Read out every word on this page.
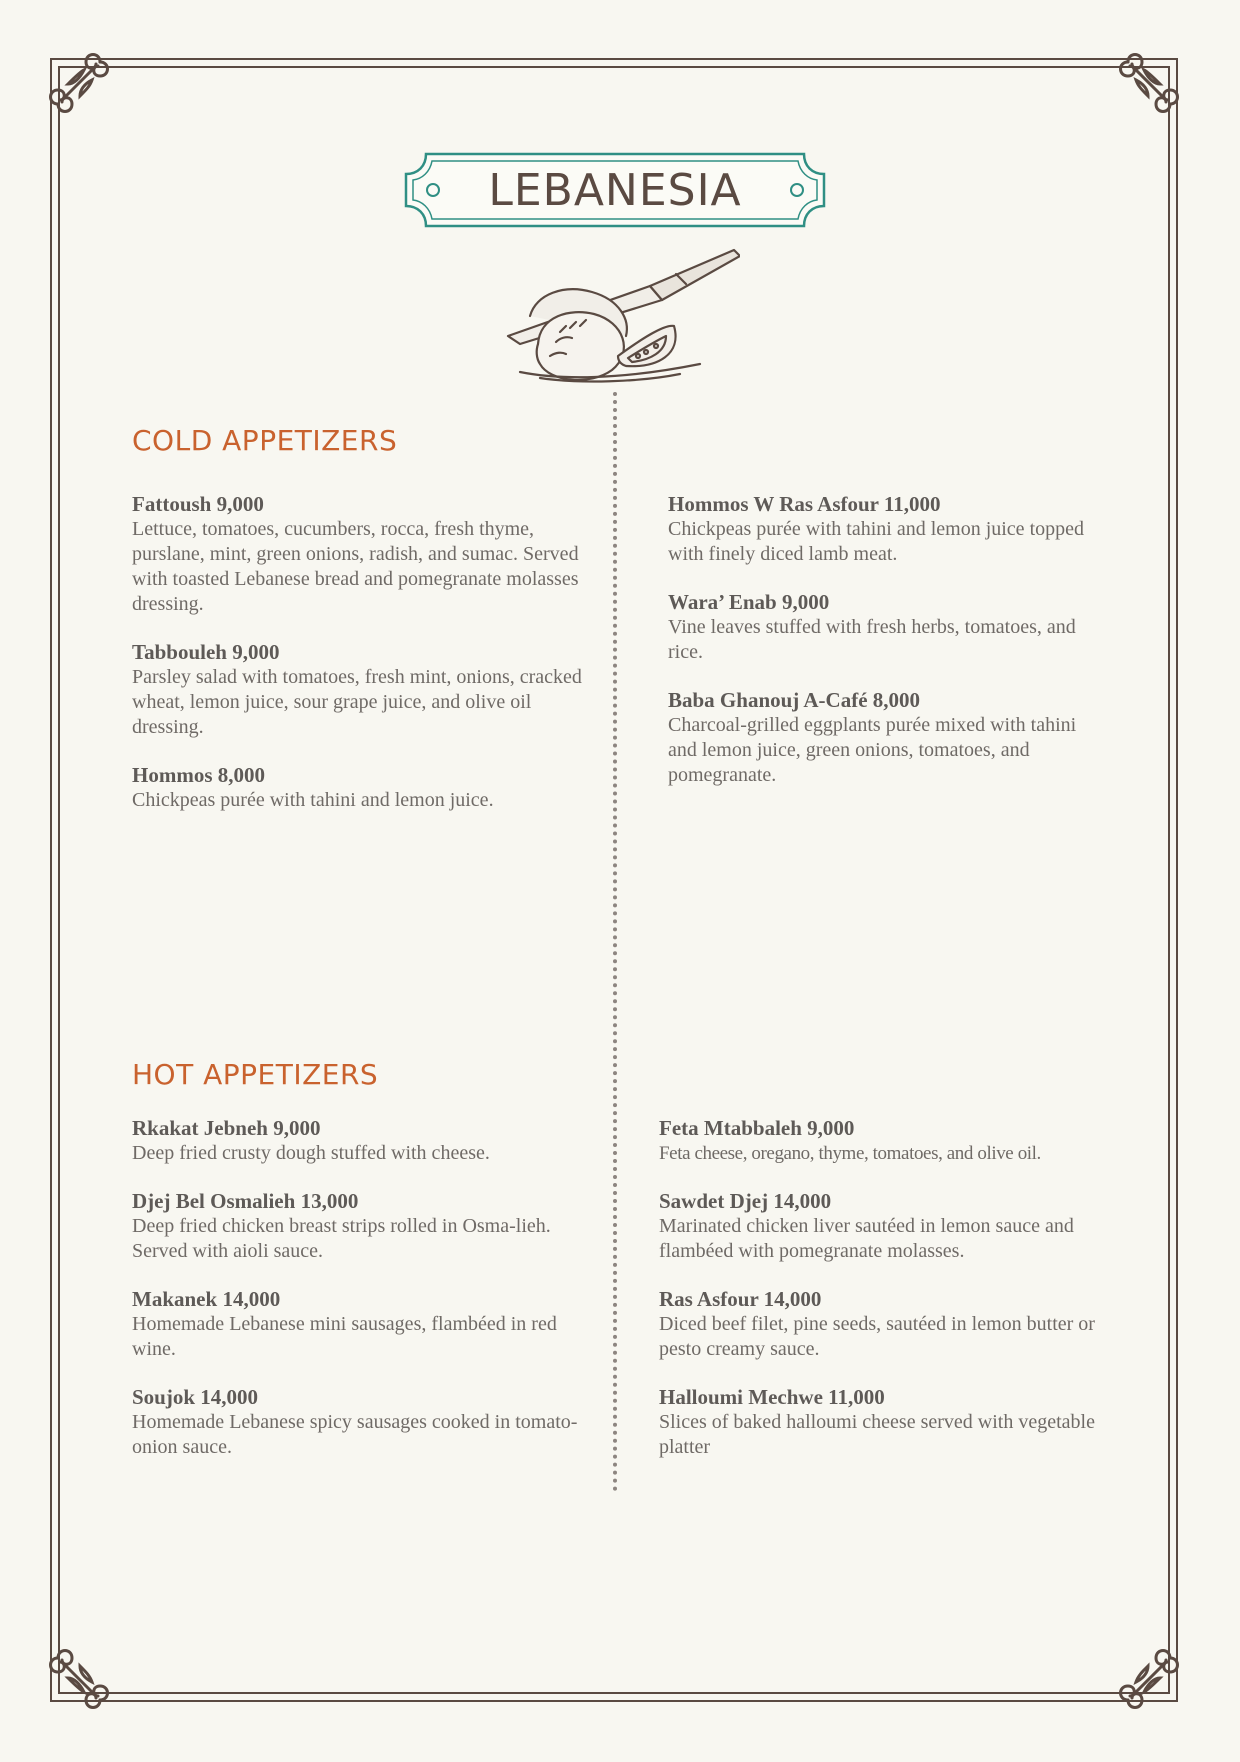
LEBANESIA
COLD APPETIZERS
Fattoush 9,000
Lettuce, tomatoes, cucumbers, rocca, fresh thyme, purslane, mint, green onions, radish, and sumac. Served with toasted Lebanese bread and pomegranate molasses dressing.
Tabbouleh 9,000
Parsley salad with tomatoes, fresh mint, onions, cracked wheat, lemon juice, sour grape juice, and olive oil dressing.
Hommos 8,000
Chickpeas purée with tahini and lemon juice.
Hommos W Ras Asfour 11,000
Chickpeas purée with tahini and lemon juice topped with finely diced lamb meat.
Wara’ Enab 9,000
Vine leaves stuffed with fresh herbs, tomatoes, and rice.
Baba Ghanouj A-Café 8,000
Charcoal-grilled eggplants purée mixed with tahini and lemon juice, green onions, tomatoes, and pomegranate.
HOT APPETIZERS
Rkakat Jebneh 9,000
Deep fried crusty dough stuffed with cheese.
Djej Bel Osmalieh 13,000
Deep fried chicken breast strips rolled in Osma-lieh. Served with aioli sauce.
Makanek 14,000
Homemade Lebanese mini sausages, flambéed in red wine.
Soujok 14,000
Homemade Lebanese spicy sausages cooked in tomato-onion sauce.
Feta Mtabbaleh 9,000
Feta cheese, oregano, thyme, tomatoes, and olive oil.
Sawdet Djej 14,000
Marinated chicken liver sautéed in lemon sauce and flambéed with pomegranate molasses.
Ras Asfour 14,000
Diced beef filet, pine seeds, sautéed in lemon butter or pesto creamy sauce.
Halloumi Mechwe 11,000
Slices of baked halloumi cheese served with vegetable platter
